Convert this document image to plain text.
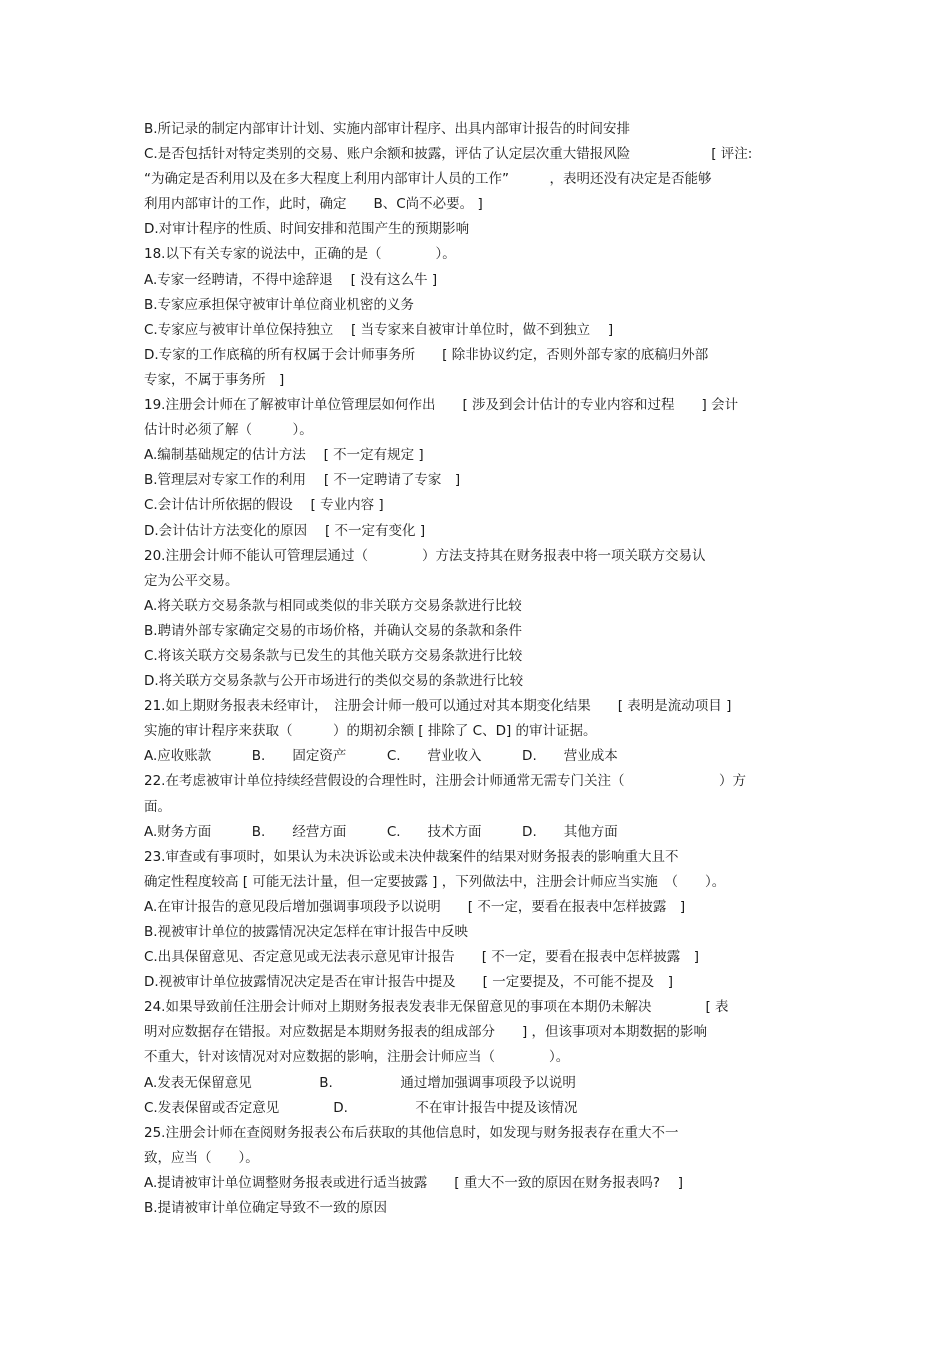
B.所记录的制定内部审计计划、实施内部审计程序、出具内部审计报告的时间安排
C.是否包括针对特定类别的交易、账户余额和披露，评估了认定层次重大错报风险　　　　　　[ 评注:
“为确定是否利用以及在多大程度上利用内部审计人员的工作”　　　，表明还没有决定是否能够
利用内部审计的工作，此时，确定　　B、C尚不必要。 ]
D.对审计程序的性质、时间安排和范围产生的预期影响
18.以下有关专家的说法中，正确的是（　　　　）。
A.专家一经聘请，不得中途辞退　 [ 没有这么牛 ]
B.专家应承担保守被审计单位商业机密的义务
C.专家应与被审计单位保持独立　 [ 当专家来自被审计单位时，做不到独立　 ]
D.专家的工作底稿的所有权属于会计师事务所　　[ 除非协议约定，否则外部专家的底稿归外部
专家，不属于事务所　]
19.注册会计师在了解被审计单位管理层如何作出　　[ 涉及到会计估计的专业内容和过程　　] 会计
估计时必须了解（　　　）。
A.编制基础规定的估计方法　 [ 不一定有规定 ]
B.管理层对专家工作的利用　 [ 不一定聘请了专家　]
C.会计估计所依据的假设　 [ 专业内容 ]
D.会计估计方法变化的原因　 [ 不一定有变化 ]
20.注册会计师不能认可管理层通过（　　　　）方法支持其在财务报表中将一项关联方交易认
定为公平交易。
A.将关联方交易条款与相同或类似的非关联方交易条款进行比较
B.聘请外部专家确定交易的市场价格，并确认交易的条款和条件
C.将该关联方交易条款与已发生的其他关联方交易条款进行比较
D.将关联方交易条款与公开市场进行的类似交易的条款进行比较
21.如上期财务报表未经审计，　注册会计师一般可以通过对其本期变化结果　　[ 表明是流动项目 ]
实施的审计程序来获取（　　　）的期初余额 [ 排除了 C、D] 的审计证据。
A.应收账款　　　B.　　固定资产　　　C.　　营业收入　　　D.　　营业成本
22.在考虑被审计单位持续经营假设的合理性时，注册会计师通常无需专门关注（　　　　　　　）方
面。
A.财务方面　　　B.　　经营方面　　　C.　　技术方面　　　D.　　其他方面
23.审查或有事项时，如果认为未决诉讼或未决仲裁案件的结果对财务报表的影响重大且不
确定性程度较高 [ 可能无法计量，但一定要披露 ] ，下列做法中，注册会计师应当实施　（　　）。
A.在审计报告的意见段后增加强调事项段予以说明　　[ 不一定，要看在报表中怎样披露　]
B.视被审计单位的披露情况决定怎样在审计报告中反映
C.出具保留意见、否定意见或无法表示意见审计报告　　[ 不一定，要看在报表中怎样披露　]
D.视被审计单位披露情况决定是否在审计报告中提及　　[ 一定要提及，不可能不提及　]
24.如果导致前任注册会计师对上期财务报表发表非无保留意见的事项在本期仍未解决　　　　[ 表
明对应数据存在错报。对应数据是本期财务报表的组成部分　　] ，但该事项对本期数据的影响
不重大，针对该情况对对应数据的影响，注册会计师应当（　　　　）。
A.发表无保留意见　　　　　B.　　　　　通过增加强调事项段予以说明
C.发表保留或否定意见　　　　D.　　　　　不在审计报告中提及该情况
25.注册会计师在查阅财务报表公布后获取的其他信息时，如发现与财务报表存在重大不一
致，应当（　　）。
A.提请被审计单位调整财务报表或进行适当披露　　[ 重大不一致的原因在财务报表吗?　 ]
B.提请被审计单位确定导致不一致的原因
